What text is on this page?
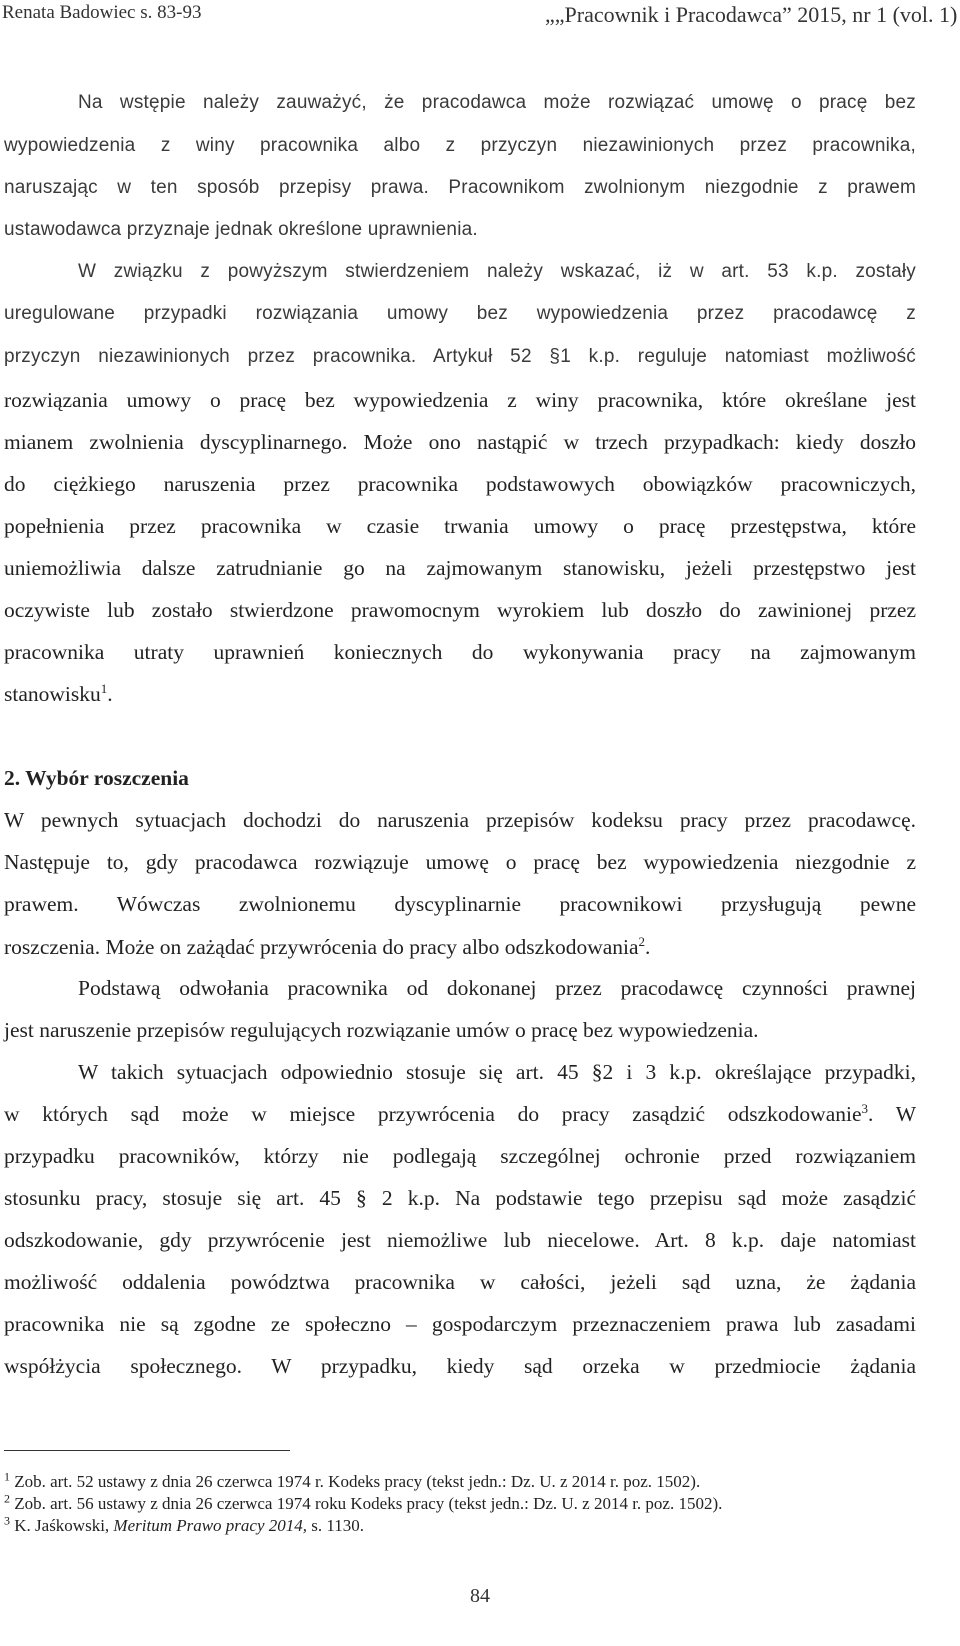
Renata Badowiec s. 83-93	„„Pracownik i Pracodawca” 2015, nr 1 (vol. 1)
Na wstępie należy zauważyć, że pracodawca może rozwiązać umowę o pracę bez
wypowiedzenia z winy pracownika albo z przyczyn niezawinionych przez pracownika,
naruszając w ten sposób przepisy prawa. Pracownikom zwolnionym niezgodnie z prawem
ustawodawca przyznaje jednak określone uprawnienia.
W związku z powyższym stwierdzeniem należy wskazać, iż w art. 53 k.p. zostały
uregulowane przypadki rozwiązania umowy bez wypowiedzenia przez pracodawcę z
przyczyn niezawinionych przez pracownika. Artykuł 52 §1 k.p. reguluje natomiast możliwość
rozwiązania umowy o pracę bez wypowiedzenia z winy pracownika, które określane jest
mianem zwolnienia dyscyplinarnego. Może ono nastąpić w trzech przypadkach: kiedy doszło
do ciężkiego naruszenia przez pracownika podstawowych obowiązków pracowniczych,
popełnienia przez pracownika w czasie trwania umowy o pracę przestępstwa, które
uniemożliwia dalsze zatrudnianie go na zajmowanym stanowisku, jeżeli przestępstwo jest
oczywiste lub zostało stwierdzone prawomocnym wyrokiem lub doszło do zawinionej przez
pracownika utraty uprawnień koniecznych do wykonywania pracy na zajmowanym
stanowisku$^1$.
2. Wybór roszczenia
W pewnych sytuacjach dochodzi do naruszenia przepisów kodeksu pracy przez pracodawcę.
Następuje to, gdy pracodawca rozwiązuje umowę o pracę bez wypowiedzenia niezgodnie z
prawem. Wówczas zwolnionemu dyscyplinarnie pracownikowi przysługują pewne
roszczenia. Może on zażądać przywrócenia do pracy albo odszkodowania$^2$.
Podstawą odwołania pracownika od dokonanej przez pracodawcę czynności prawnej
jest naruszenie przepisów regulujących rozwiązanie umów o pracę bez wypowiedzenia.
W takich sytuacjach odpowiednio stosuje się art. 45 §2 i 3 k.p. określające przypadki,
w których sąd może w miejsce przywrócenia do pracy zasądzić odszkodowanie$^3$. W
przypadku pracowników, którzy nie podlegają szczególnej ochronie przed rozwiązaniem
stosunku pracy, stosuje się art. 45 § 2 k.p. Na podstawie tego przepisu sąd może zasądzić
odszkodowanie, gdy przywrócenie jest niemożliwe lub niecelowe. Art. 8 k.p. daje natomiast
możliwość oddalenia powództwa pracownika w całości, jeżeli sąd uzna, że żądania
pracownika nie są zgodne ze społeczno – gospodarczym przeznaczeniem prawa lub zasadami
współżycia społecznego. W przypadku, kiedy sąd orzeka w przedmiocie żądania
$^1$ Zob. art. 52 ustawy z dnia 26 czerwca 1974 r. Kodeks pracy (tekst jedn.: Dz. U. z 2014 r. poz. 1502).
$^2$ Zob. art. 56 ustawy z dnia 26 czerwca 1974 roku Kodeks pracy (tekst jedn.: Dz. U. z 2014 r. poz. 1502).
$^3$ K. Jaśkowski, Meritum Prawo pracy 2014, s. 1130.
84
